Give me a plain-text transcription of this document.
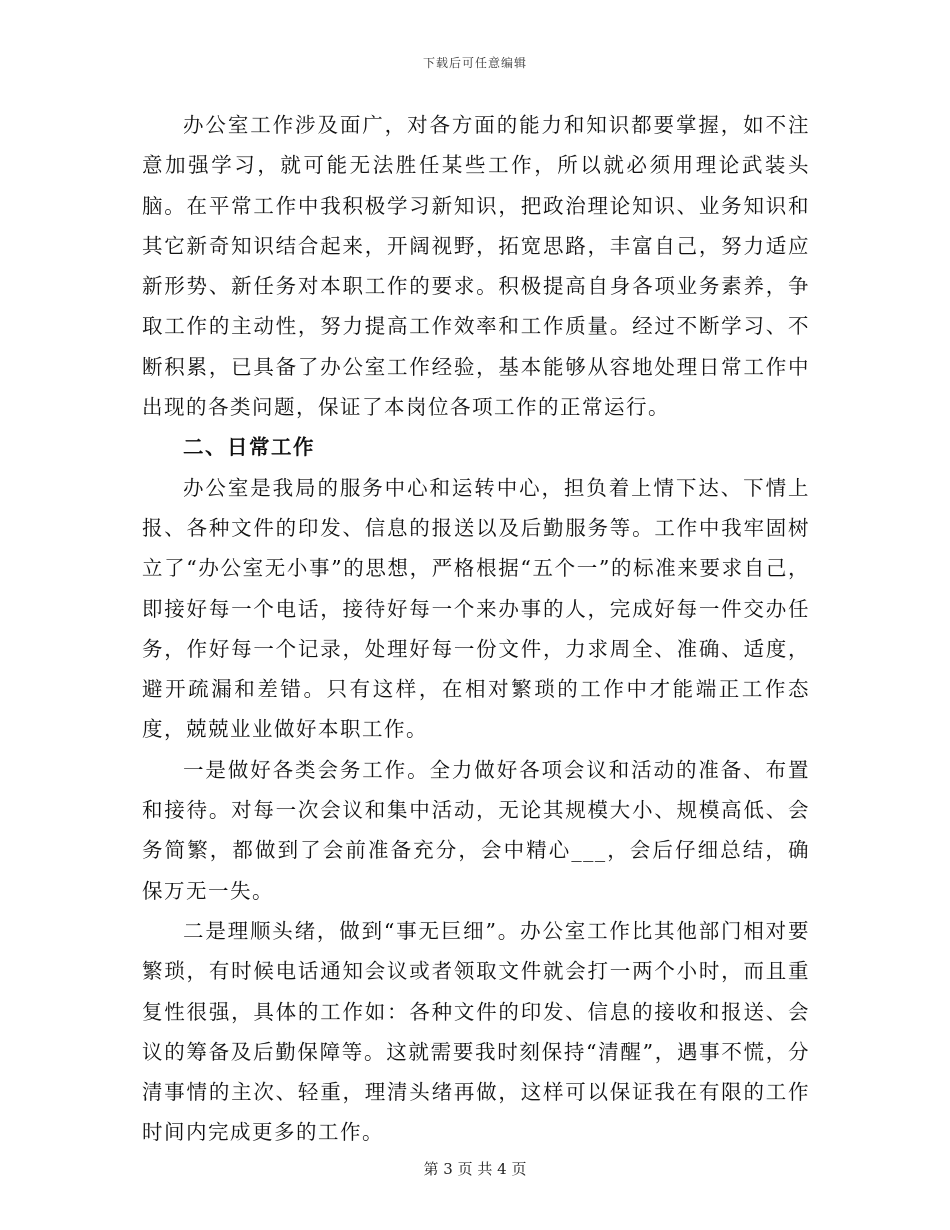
下载后可任意编辑

办公室工作涉及面广，对各方面的能力和知识都要掌握，如不注意加强学习，就可能无法胜任某些工作，所以就必须用理论武装头脑。在平常工作中我积极学习新知识，把政治理论知识、业务知识和其它新奇知识结合起来，开阔视野，拓宽思路，丰富自己，努力适应新形势、新任务对本职工作的要求。积极提高自身各项业务素养，争取工作的主动性，努力提高工作效率和工作质量。经过不断学习、不断积累，已具备了办公室工作经验，基本能够从容地处理日常工作中出现的各类问题，保证了本岗位各项工作的正常运行。

二、日常工作

办公室是我局的服务中心和运转中心，担负着上情下达、下情上报、各种文件的印发、信息的报送以及后勤服务等。工作中我牢固树立了“办公室无小事”的思想，严格根据“五个一”的标准来要求自己，即接好每一个电话，接待好每一个来办事的人，完成好每一件交办任务，作好每一个记录，处理好每一份文件，力求周全、准确、适度，避开疏漏和差错。只有这样，在相对繁琐的工作中才能端正工作态度，兢兢业业做好本职工作。

一是做好各类会务工作。全力做好各项会议和活动的准备、布置和接待。对每一次会议和集中活动，无论其规模大小、规模高低、会务简繁，都做到了会前准备充分，会中精心___，会后仔细总结，确保万无一失。

二是理顺头绪，做到“事无巨细”。办公室工作比其他部门相对要繁琐，有时候电话通知会议或者领取文件就会打一两个小时，而且重复性很强，具体的工作如：各种文件的印发、信息的接收和报送、会议的筹备及后勤保障等。这就需要我时刻保持“清醒”，遇事不慌，分清事情的主次、轻重，理清头绪再做，这样可以保证我在有限的工作时间内完成更多的工作。

第 3 页 共 4 页
